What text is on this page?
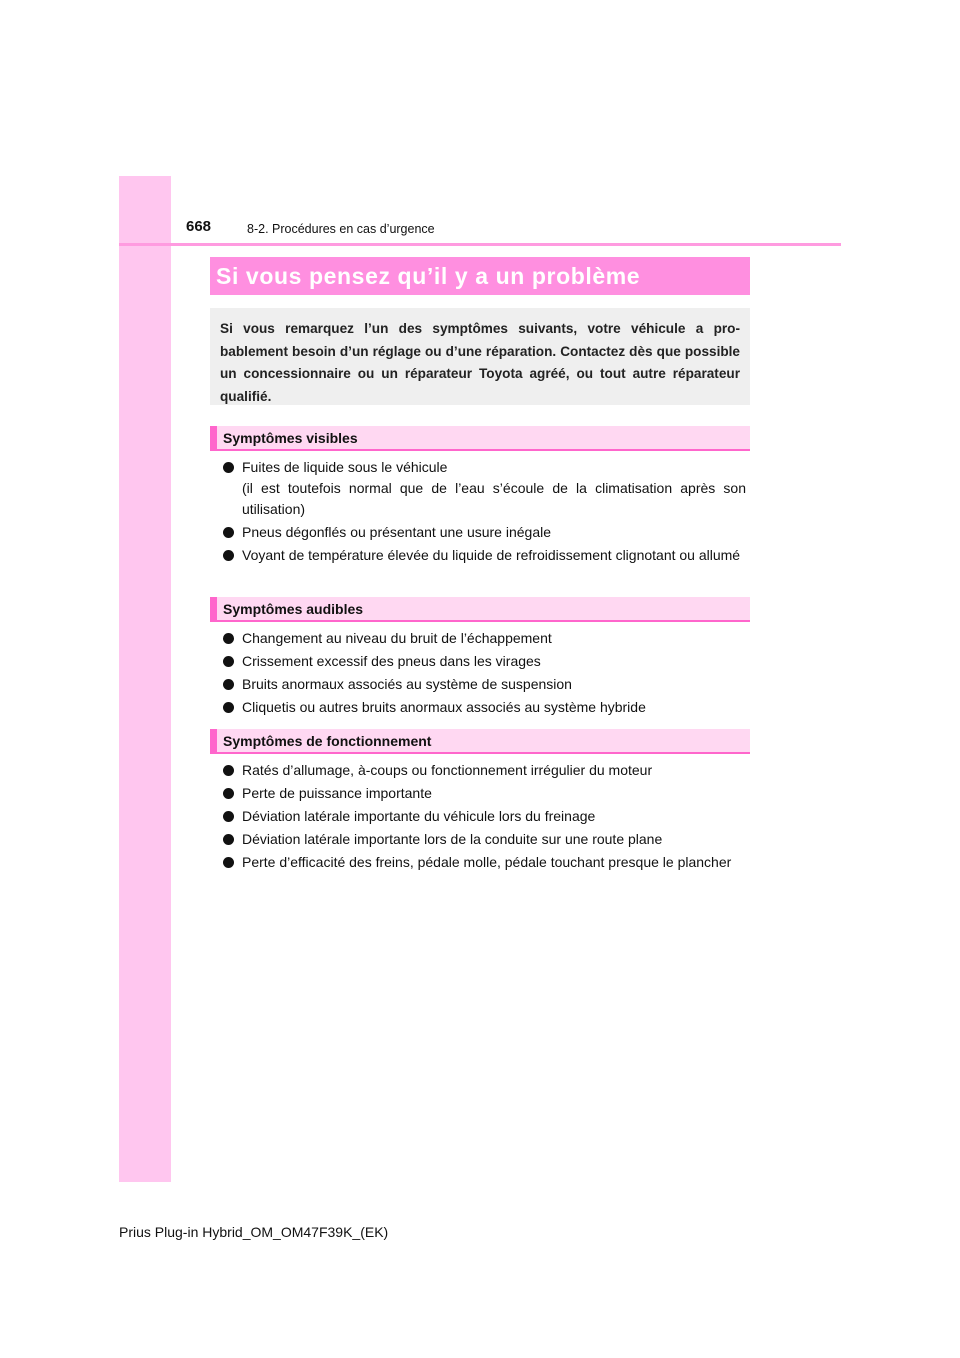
668	8-2. Procédures en cas d’urgence
Si vous pensez qu’il y a un problème

Si vous remarquez l’un des symptômes suivants, votre véhicule a pro-bablement besoin d’un réglage ou d’une réparation. Contactez dès que possible un concessionnaire ou un réparateur Toyota agréé, ou tout autre réparateur qualifié.

Symptômes visibles
Fuites de liquide sous le véhicule
(il est toutefois normal que de l’eau s’écoule de la climatisation après son utilisation)
Pneus dégonflés ou présentant une usure inégale
Voyant de température élevée du liquide de refroidissement clignotant ou allumé
Symptômes audibles
Changement au niveau du bruit de l’échappement
Crissement excessif des pneus dans les virages
Bruits anormaux associés au système de suspension
Cliquetis ou autres bruits anormaux associés au système hybride
Symptômes de fonctionnement
Ratés d’allumage, à-coups ou fonctionnement irrégulier du moteur
Perte de puissance importante
Déviation latérale importante du véhicule lors du freinage
Déviation latérale importante lors de la conduite sur une route plane
Perte d’efficacité des freins, pédale molle, pédale touchant presque le plancher
Prius Plug-in Hybrid_OM_OM47F39K_(EK)
